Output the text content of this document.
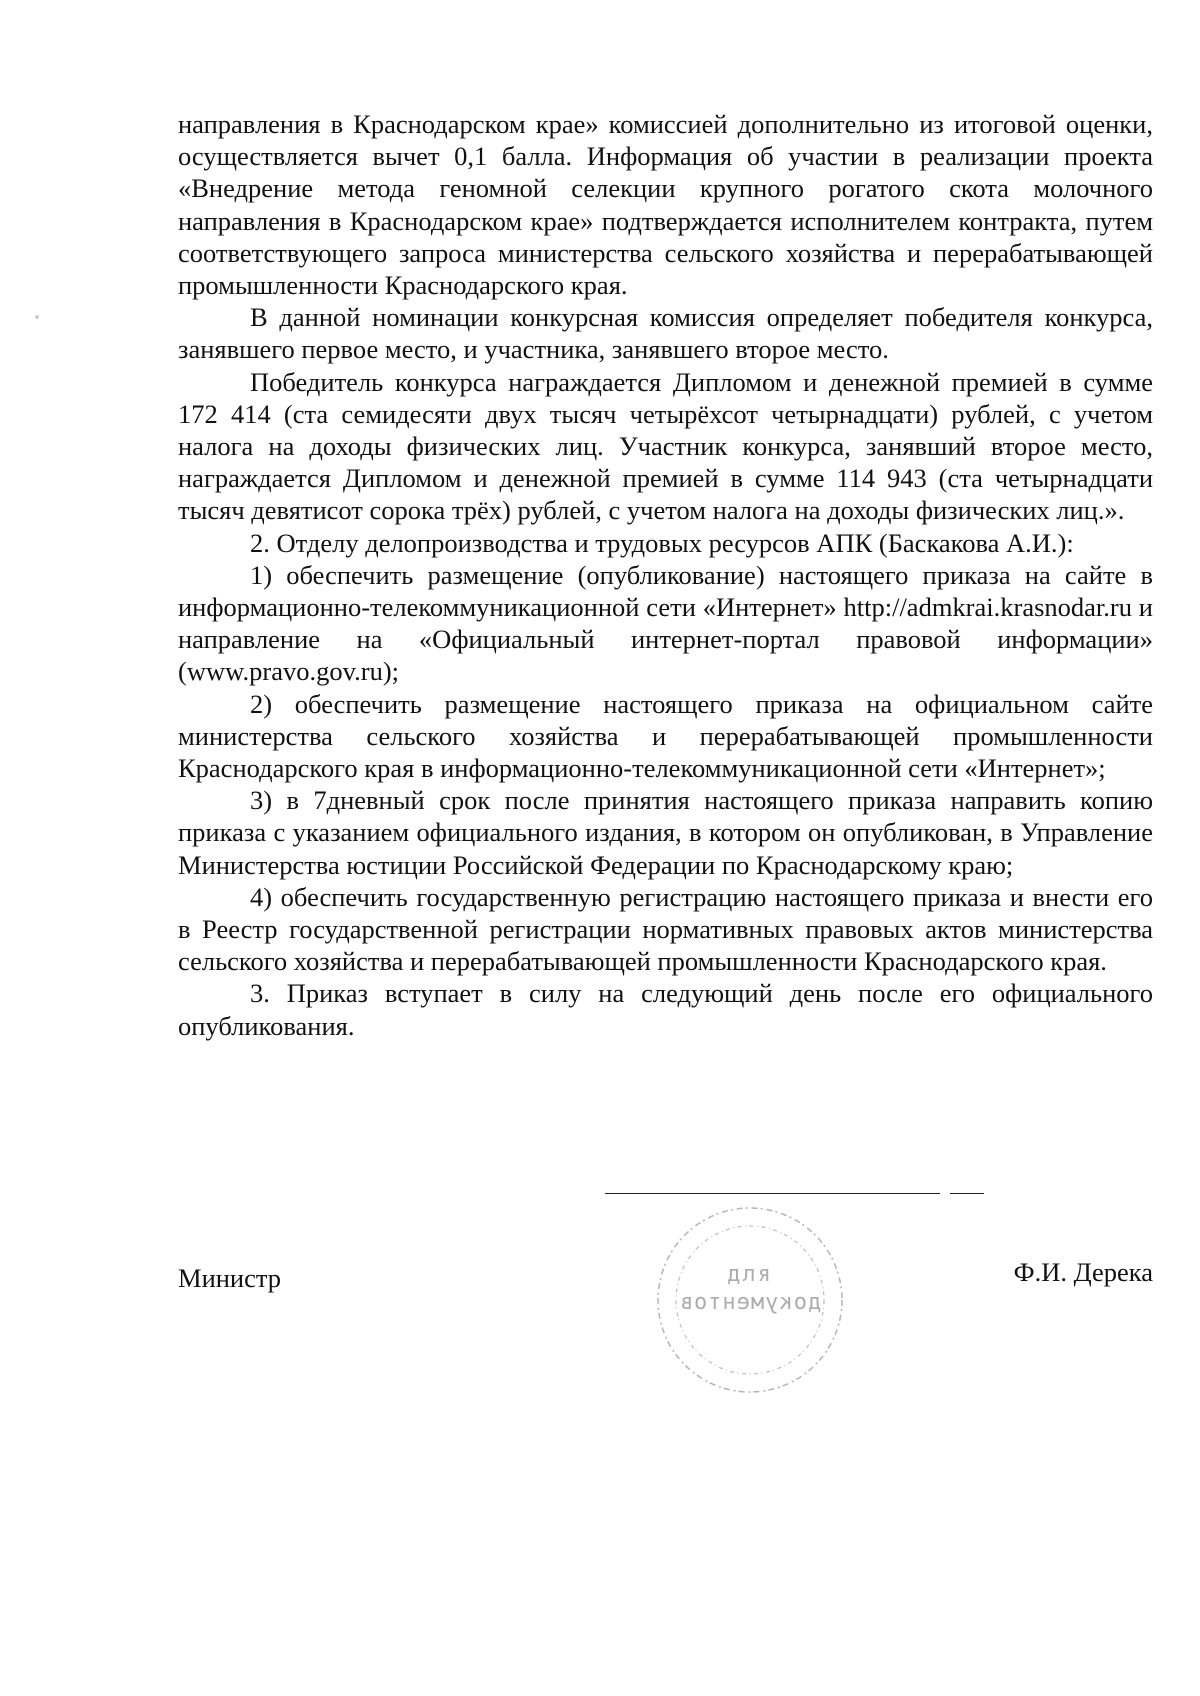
направления в Краснодарском крае» комиссией дополнительно из итоговой оценки, осуществляется вычет 0,1 балла. Информация об участии в реализации проекта «Внедрение метода геномной селекции крупного рогатого скота молочного направления в Краснодарском крае» подтверждается исполнителем контракта, путем соответствующего запроса министерства сельского хозяйства и перерабатывающей промышленности Краснодарского края.

В данной номинации конкурсная комиссия определяет победителя конкурса, занявшего первое место, и участника, занявшего второе место.

Победитель конкурса награждается Дипломом и денежной премией в сумме 172 414 (ста семидесяти двух тысяч четырёхсот четырнадцати) рублей, с учетом налога на доходы физических лиц. Участник конкурса, занявший второе место, награждается Дипломом и денежной премией в сумме 114 943 (ста четырнадцати тысяч девятисот сорока трёх) рублей, с учетом налога на доходы физических лиц.».

2. Отделу делопроизводства и трудовых ресурсов АПК (Баскакова А.И.):

1) обеспечить размещение (опубликование) настоящего приказа на сайте в информационно-телекоммуникационной сети «Интернет» http://admkrai.krasnodar.ru и направление на «Официальный интернет-портал правовой информации» (www.pravo.gov.ru);

2) обеспечить размещение настоящего приказа на официальном сайте министерства сельского хозяйства и перерабатывающей промышленности Краснодарского края в информационно-телекоммуникационной сети «Интернет»;

3) в 7дневный срок после принятия настоящего приказа направить копию приказа с указанием официального издания, в котором он опубликован, в Управление Министерства юстиции Российской Федерации по Краснодарскому краю;

4) обеспечить государственную регистрацию настоящего приказа и внести его в Реестр государственной регистрации нормативных правовых актов министерства сельского хозяйства и перерабатывающей промышленности Краснодарского края.

3. Приказ вступает в силу на следующий день после его официального опубликования.

Министр	для
документов
Ф.И. Дерека
